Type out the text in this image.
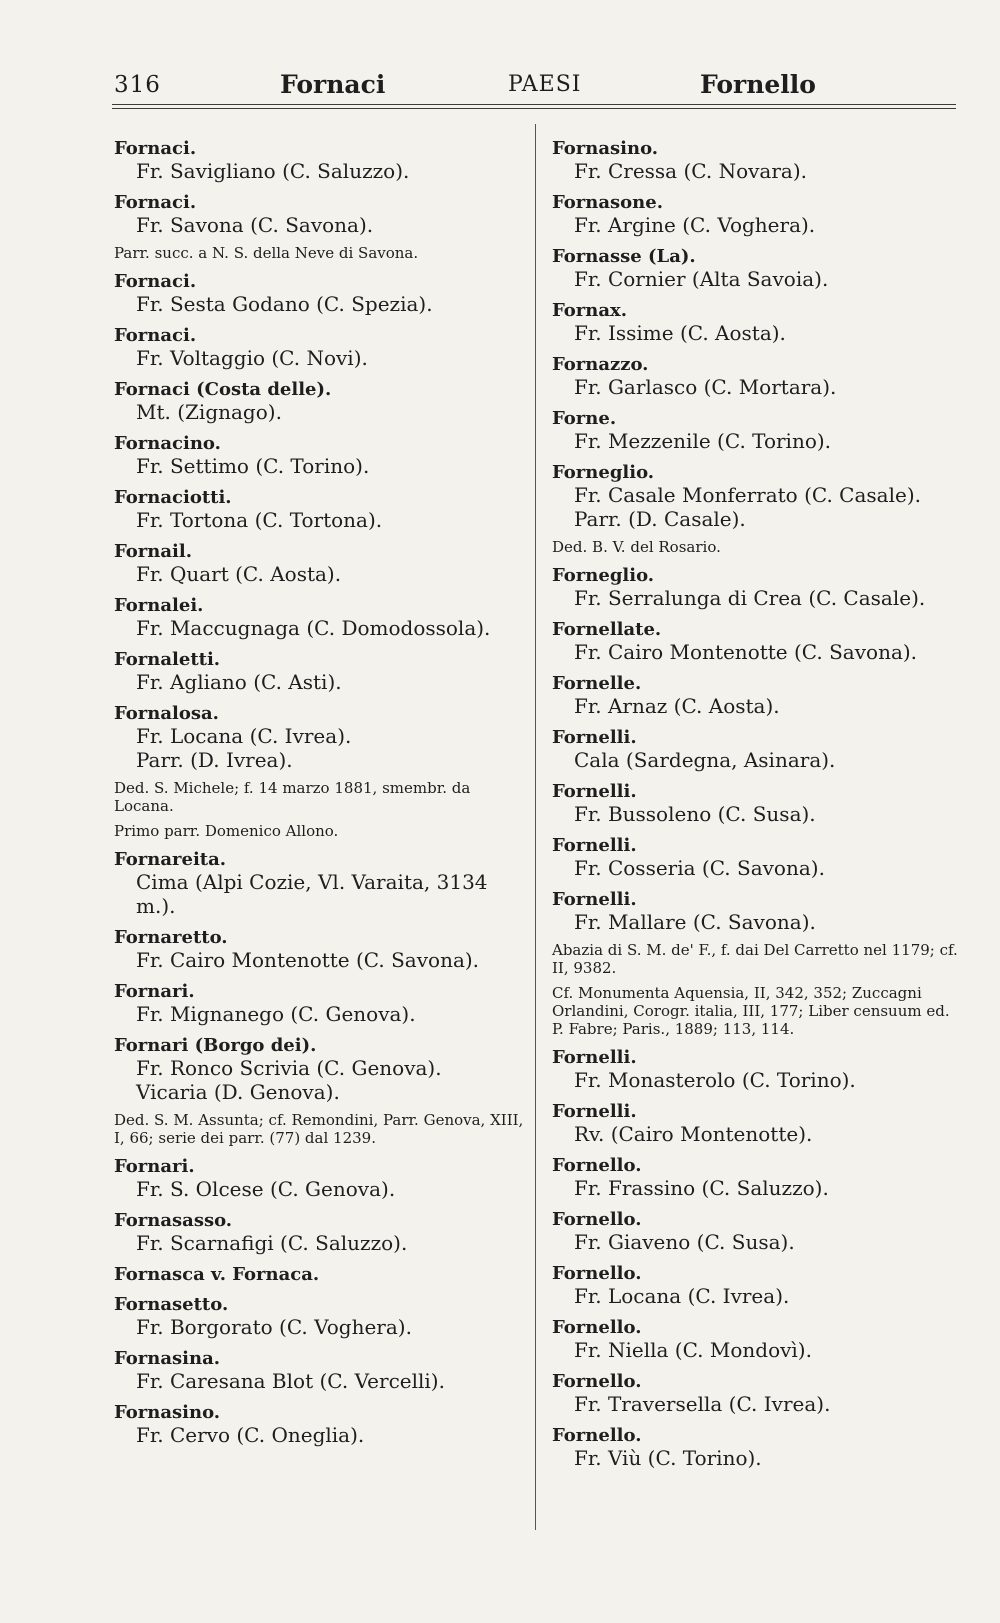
316	Fornaci	PAESI	Fornello
Fornaci.
Fr. Savigliano (C. Saluzzo).
Fornaci.
Fr. Savona (C. Savona).
Parr. succ. a N. S. della Neve di Savona.
Fornaci.
Fr. Sesta Godano (C. Spezia).
Fornaci.
Fr. Voltaggio (C. Novi).
Fornaci (Costa delle).
Mt. (Zignago).
Fornacino.
Fr. Settimo (C. Torino).
Fornaciotti.
Fr. Tortona (C. Tortona).
Fornail.
Fr. Quart (C. Aosta).
Fornalei.
Fr. Maccugnaga (C. Domodossola).
Fornaletti.
Fr. Agliano (C. Asti).
Fornalosa.
Fr. Locana (C. Ivrea).
Parr. (D. Ivrea).
Ded. S. Michele; f. 14 marzo 1881, smembr. da Locana.
Primo parr. Domenico Allono.
Fornareita.
Cima (Alpi Cozie, Vl. Varaita, 3134 m.).
Fornaretto.
Fr. Cairo Montenotte (C. Savona).
Fornari.
Fr. Mignanego (C. Genova).
Fornari (Borgo dei).
Fr. Ronco Scrivia (C. Genova).
Vicaria (D. Genova).
Ded. S. M. Assunta; cf. Remondini, Parr. Genova, XIII, I, 66; serie dei parr. (77) dal 1239.
Fornari.
Fr. S. Olcese (C. Genova).
Fornasasso.
Fr. Scarnafigi (C. Saluzzo).
Fornasca v. Fornaca.
Fornasetto.
Fr. Borgorato (C. Voghera).
Fornasina.
Fr. Caresana Blot (C. Vercelli).
Fornasino.
Fr. Cervo (C. Oneglia).
Fornasino.
Fr. Cressa (C. Novara).
Fornasone.
Fr. Argine (C. Voghera).
Fornasse (La).
Fr. Cornier (Alta Savoia).
Fornax.
Fr. Issime (C. Aosta).
Fornazzo.
Fr. Garlasco (C. Mortara).
Forne.
Fr. Mezzenile (C. Torino).
Forneglio.
Fr. Casale Monferrato (C. Casale).
Parr. (D. Casale).
Ded. B. V. del Rosario.
Forneglio.
Fr. Serralunga di Crea (C. Casale).
Fornellate.
Fr. Cairo Montenotte (C. Savona).
Fornelle.
Fr. Arnaz (C. Aosta).
Fornelli.
Cala (Sardegna, Asinara).
Fornelli.
Fr. Bussoleno (C. Susa).
Fornelli.
Fr. Cosseria (C. Savona).
Fornelli.
Fr. Mallare (C. Savona).
Abazia di S. M. de' F., f. dai Del Carretto nel 1179; cf. II, 9382.
Cf. Monumenta Aquensia, II, 342, 352; Zuccagni Orlandini, Corogr. italia, III, 177; Liber censuum ed. P. Fabre; Paris., 1889; 113, 114.
Fornelli.
Fr. Monasterolo (C. Torino).
Fornelli.
Rv. (Cairo Montenotte).
Fornello.
Fr. Frassino (C. Saluzzo).
Fornello.
Fr. Giaveno (C. Susa).
Fornello.
Fr. Locana (C. Ivrea).
Fornello.
Fr. Niella (C. Mondovì).
Fornello.
Fr. Traversella (C. Ivrea).
Fornello.
Fr. Viù (C. Torino).
